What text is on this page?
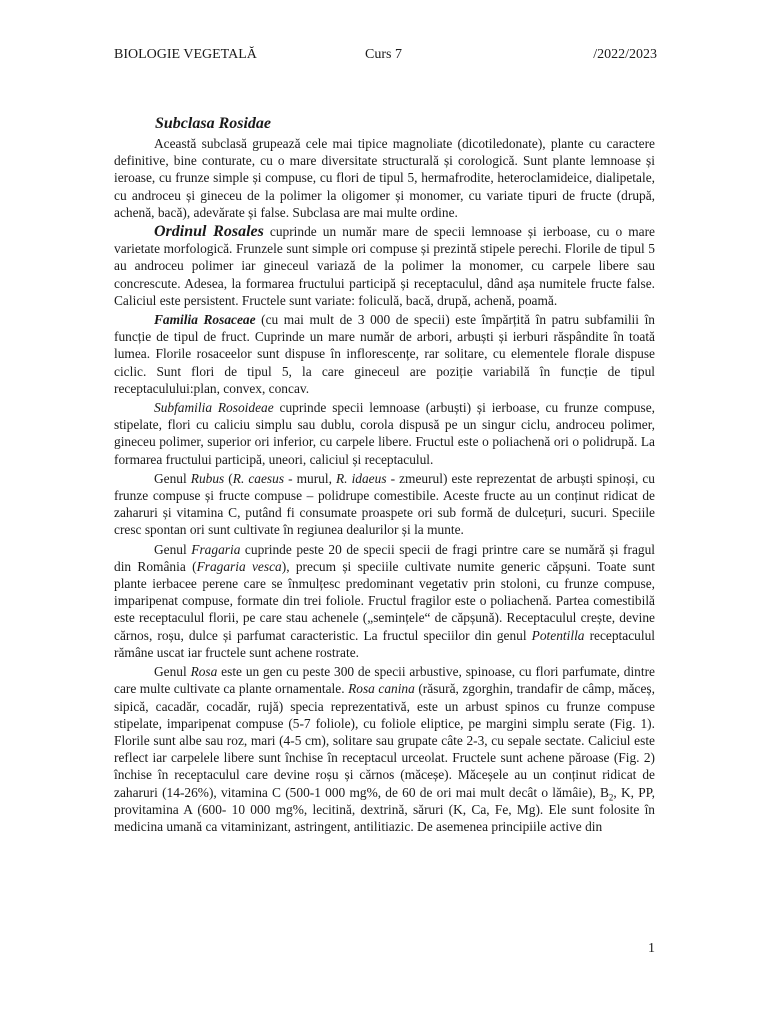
BIOLOGIE VEGETALĂ	Curs 7	/2022/2023
Subclasa Rosidae

Această subclasă grupează cele mai tipice magnoliate (dicotiledonate), plante cu caractere definitive, bine conturate, cu o mare diversitate structurală și corologică. Sunt plante lemnoase și ieroase, cu frunze simple și compuse, cu flori de tipul 5, hermafrodite, heteroclamideice, dialipetale, cu androceu și gineceu de la polimer la oligomer și monomer, cu variate tipuri de fructe (drupă, achenă, bacă), adevărate și false. Subclasa are mai multe ordine.

Ordinul Rosales cuprinde un număr mare de specii lemnoase și ierboase, cu o mare varietate morfologică. Frunzele sunt simple ori compuse și prezintă stipele perechi. Florile de tipul 5 au androceu polimer iar gineceul variază de la polimer la monomer, cu carpele libere sau concrescute. Adesea, la formarea fructului participă și receptaculul, dând așa numitele fructe false. Caliciul este persistent. Fructele sunt variate: foliculă, bacă, drupă, achenă, poamă.

Familia Rosaceae (cu mai mult de 3 000 de specii) este împărțită în patru subfamilii în funcție de tipul de fruct. Cuprinde un mare număr de arbori, arbuști și ierburi răspândite în toată lumea. Florile rosaceelor sunt dispuse în inflorescențe, rar solitare, cu elementele florale dispuse ciclic. Sunt flori de tipul 5, la care gineceul are poziție variabilă în funcție de tipul receptaculului:plan, convex, concav.

Subfamilia Rosoideae cuprinde specii lemnoase (arbuști) și ierboase, cu frunze compuse, stipelate, flori cu caliciu simplu sau dublu, corola dispusă pe un singur ciclu, androceu polimer, gineceu polimer, superior ori inferior, cu carpele libere. Fructul este o poliachenă ori o polidrupă. La formarea fructului participă, uneori, caliciul și receptaculul.

Genul Rubus (R. caesus - murul, R. idaeus - zmeurul) este reprezentat de arbuști spinoși, cu frunze compuse și fructe compuse – polidrupe comestibile. Aceste fructe au un conținut ridicat de zaharuri și vitamina C, putând fi consumate proaspete ori sub formă de dulcețuri, sucuri. Speciile cresc spontan ori sunt cultivate în regiunea dealurilor și la munte.

Genul Fragaria cuprinde peste 20 de specii specii de fragi printre care se numără și fragul din România (Fragaria vesca), precum și speciile cultivate numite generic căpșuni. Toate sunt plante ierbacee perene care se înmulțesc predominant vegetativ prin stoloni, cu frunze compuse, imparipenat compuse, formate din trei foliole. Fructul fragilor este o poliachenă. Partea comestibilă este receptaculul florii, pe care stau achenele („semințele“ de căpșună). Receptaculul crește, devine cărnos, roșu, dulce și parfumat caracteristic. La fructul speciilor din genul Potentilla receptaculul rămâne uscat iar fructele sunt achene rostrate.

Genul Rosa este un gen cu peste 300 de specii arbustive, spinoase, cu flori parfumate, dintre care multe cultivate ca plante ornamentale. Rosa canina (răsură, zgorghin, trandafir de câmp, măceș, sipică, cacadăr, cocadăr, rujă) specia reprezentativă, este un arbust spinos cu frunze compuse stipelate, imparipenat compuse (5-7 foliole), cu foliole eliptice, pe margini simplu serate (Fig. 1). Florile sunt albe sau roz, mari (4-5 cm), solitare sau grupate câte 2-3, cu sepale sectate. Caliciul este reflect iar carpelele libere sunt închise în receptacul urceolat. Fructele sunt achene păroase (Fig. 2) închise în receptaculul care devine roșu și cărnos (măceșe). Măceșele au un conținut ridicat de zaharuri (14-26%), vitamina C (500-1 000 mg%, de 60 de ori mai mult decât o lămâie), $B_2$, K, PP, provitamina A (600- 10 000 mg%, lecitină, dextrină, săruri (K, Ca, Fe, Mg). Ele sunt folosite în medicina umană ca vitaminizant, astringent, antilitiazic. De asemenea principiile active din

1
